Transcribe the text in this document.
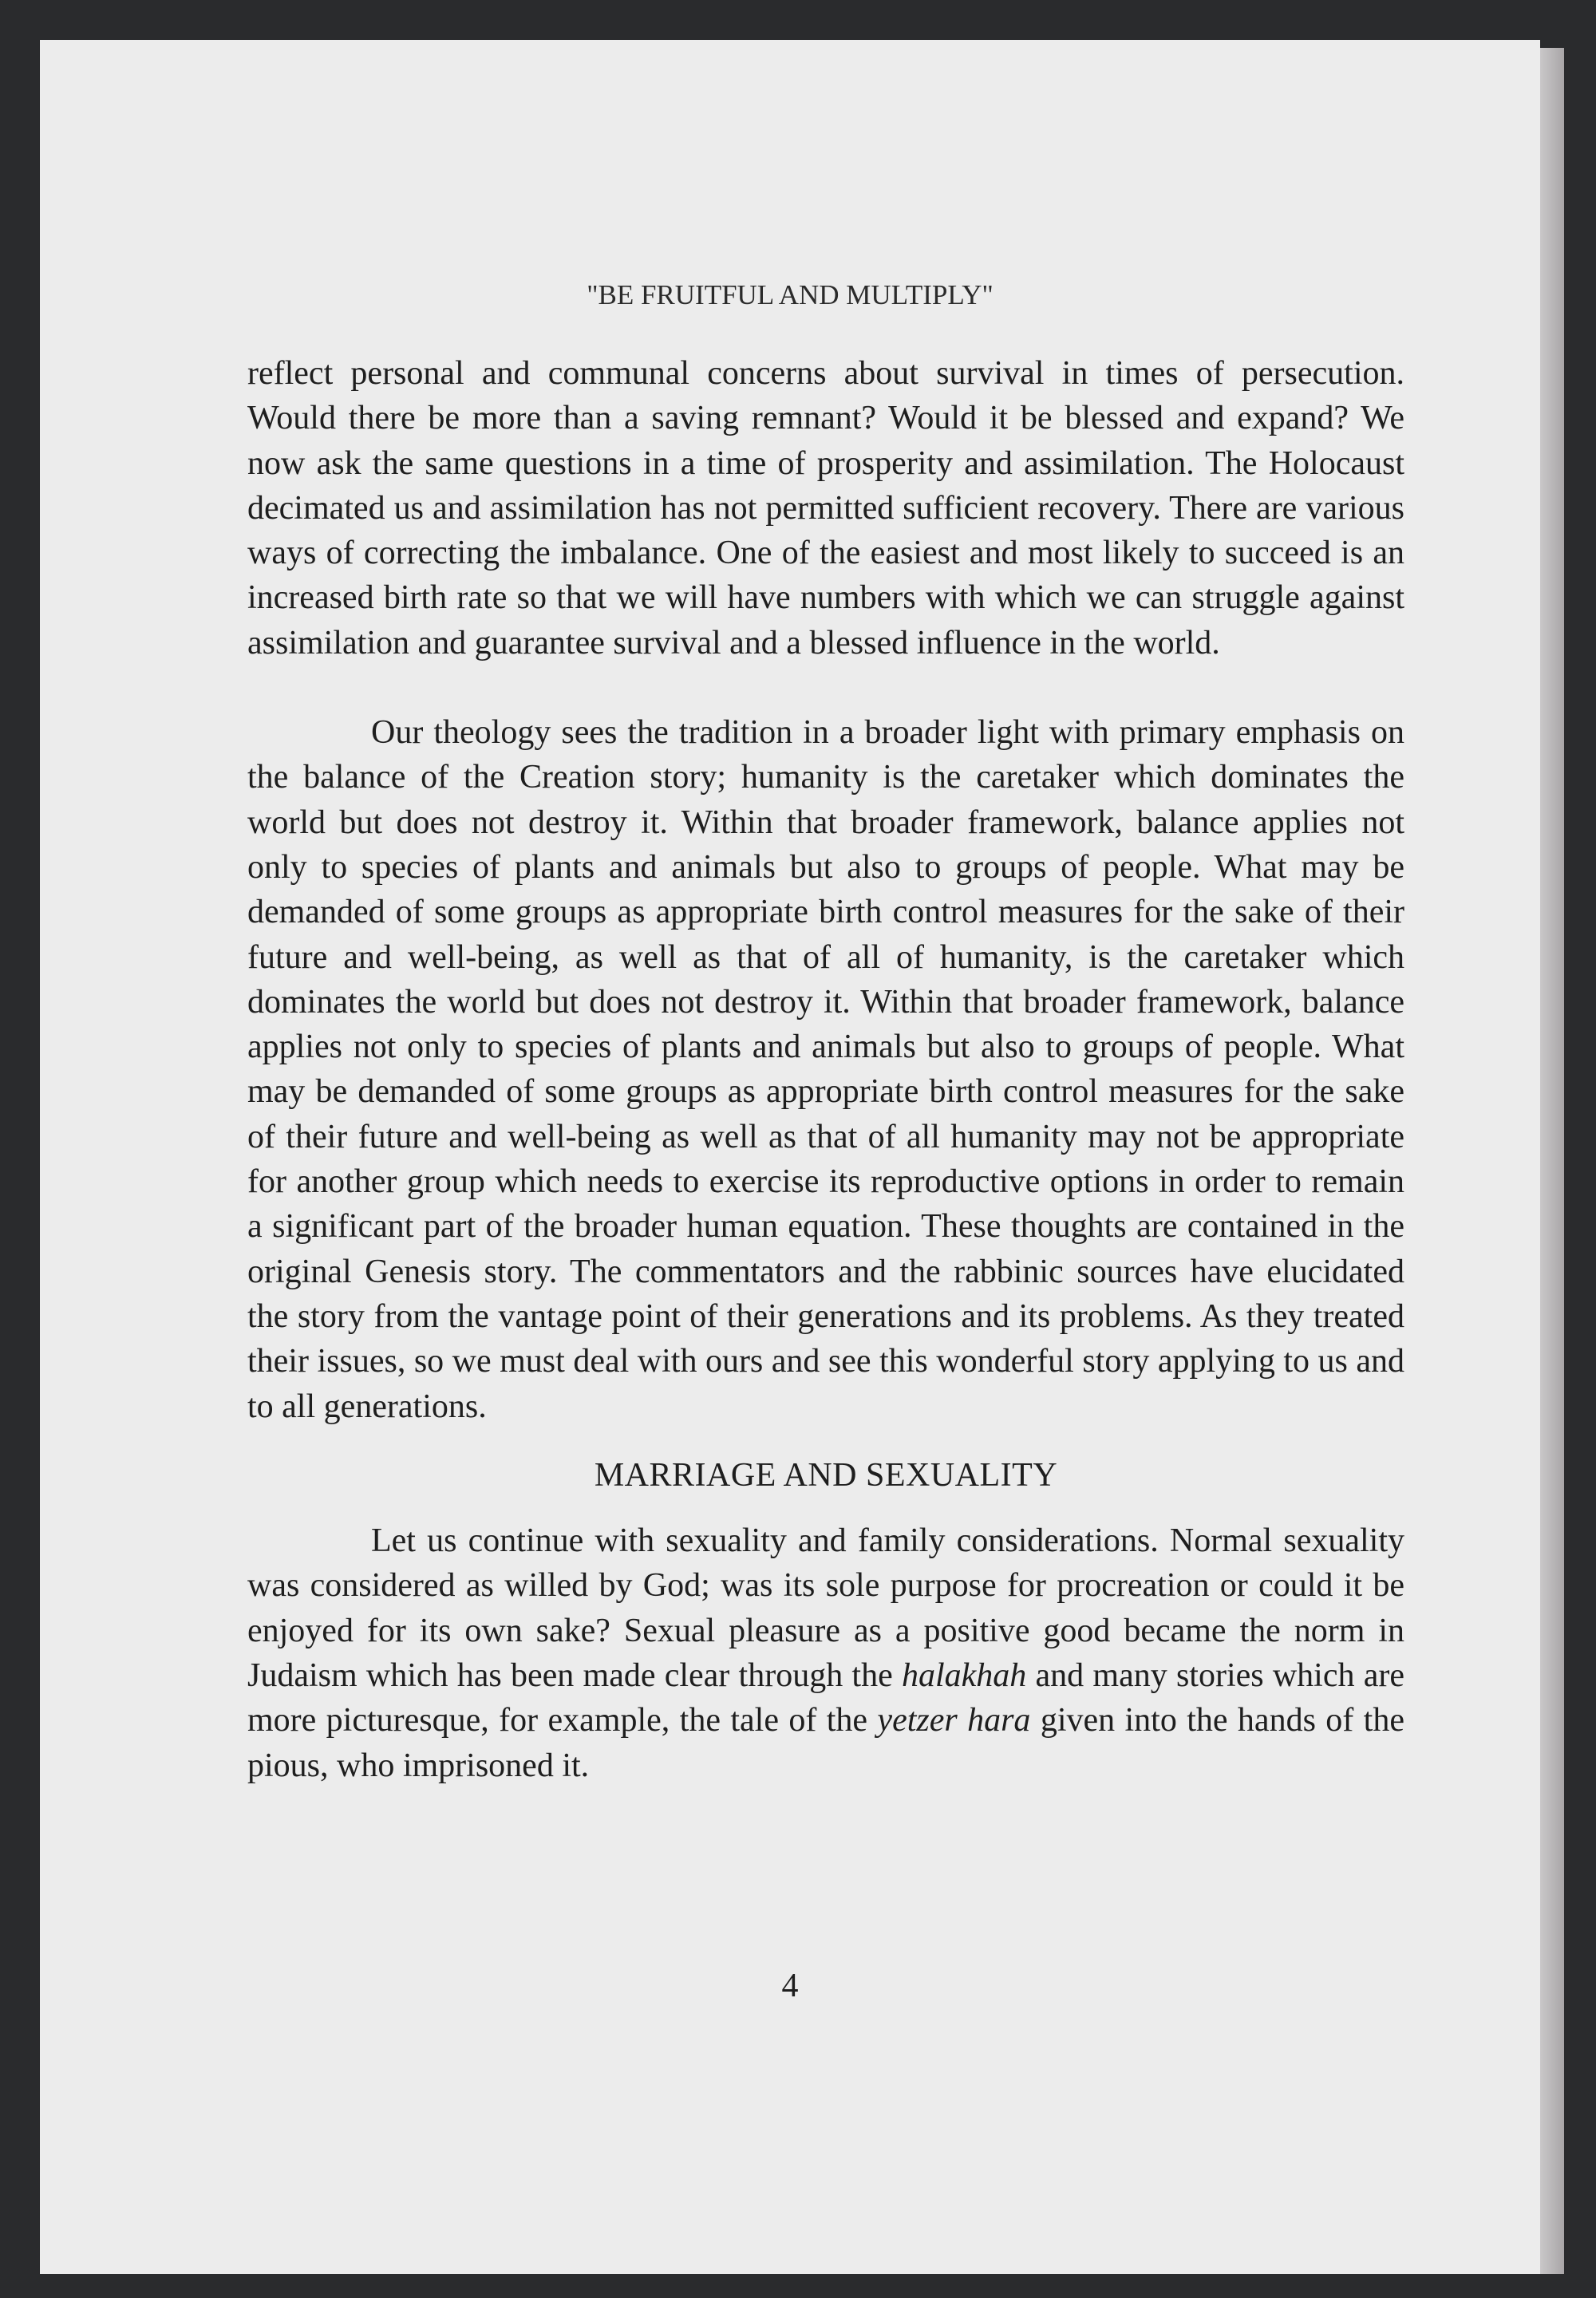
"BE FRUITFUL AND MULTIPLY"

reflect personal and communal concerns about survival in times of persecution. Would there be more than a saving remnant? Would it be blessed and expand? We now ask the same questions in a time of prosperity and assimilation. The Holocaust decimated us and assimilation has not permitted sufficient recovery. There are various ways of correcting the imbalance. One of the easiest and most likely to succeed is an increased birth rate so that we will have numbers with which we can struggle against assimilation and guarantee survival and a blessed influence in the world.

Our theology sees the tradition in a broader light with primary emphasis on the balance of the Creation story; humanity is the caretaker which dominates the world but does not destroy it. Within that broader framework, balance applies not only to species of plants and animals but also to groups of people. What may be demanded of some groups as appropriate birth control measures for the sake of their future and well-being, as well as that of all of humanity, is the caretaker which dominates the world but does not destroy it. Within that broader framework, balance applies not only to species of plants and animals but also to groups of people. What may be demanded of some groups as appropriate birth control measures for the sake of their future and well-being as well as that of all humanity may not be appropriate for another group which needs to exercise its reproductive options in order to remain a significant part of the broader human equation. These thoughts are contained in the original Genesis story. The commentators and the rabbinic sources have elucidated the story from the vantage point of their generations and its problems. As they treated their issues, so we must deal with ours and see this wonderful story applying to us and to all generations.

MARRIAGE AND SEXUALITY

Let us continue with sexuality and family considerations. Normal sexuality was considered as willed by God; was its sole purpose for procreation or could it be enjoyed for its own sake? Sexual pleasure as a positive good became the norm in Judaism which has been made clear through the halakhah and many stories which are more picturesque, for example, the tale of the yetzer hara given into the hands of the pious, who imprisoned it.

4
